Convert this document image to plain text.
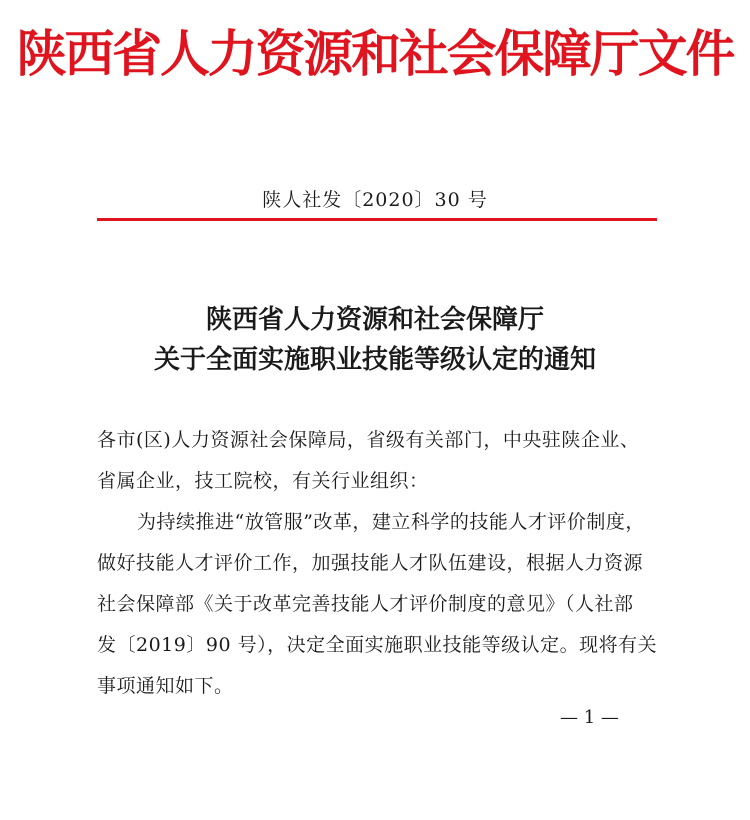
陕西省人力资源和社会保障厅文件
陕人社发〔2020〕30 号
陕西省人力资源和社会保障厅
关于全面实施职业技能等级认定的通知
各市(区)人力资源社会保障局，省级有关部门，中央驻陕企业、
省属企业，技工院校，有关行业组织：
为持续推进“放管服”改革，建立科学的技能人才评价制度，
做好技能人才评价工作，加强技能人才队伍建设，根据人力资源
社会保障部《关于改革完善技能人才评价制度的意见》（人社部
发〔2019〕90 号），决定全面实施职业技能等级认定。现将有关
事项通知如下。
— 1 —
